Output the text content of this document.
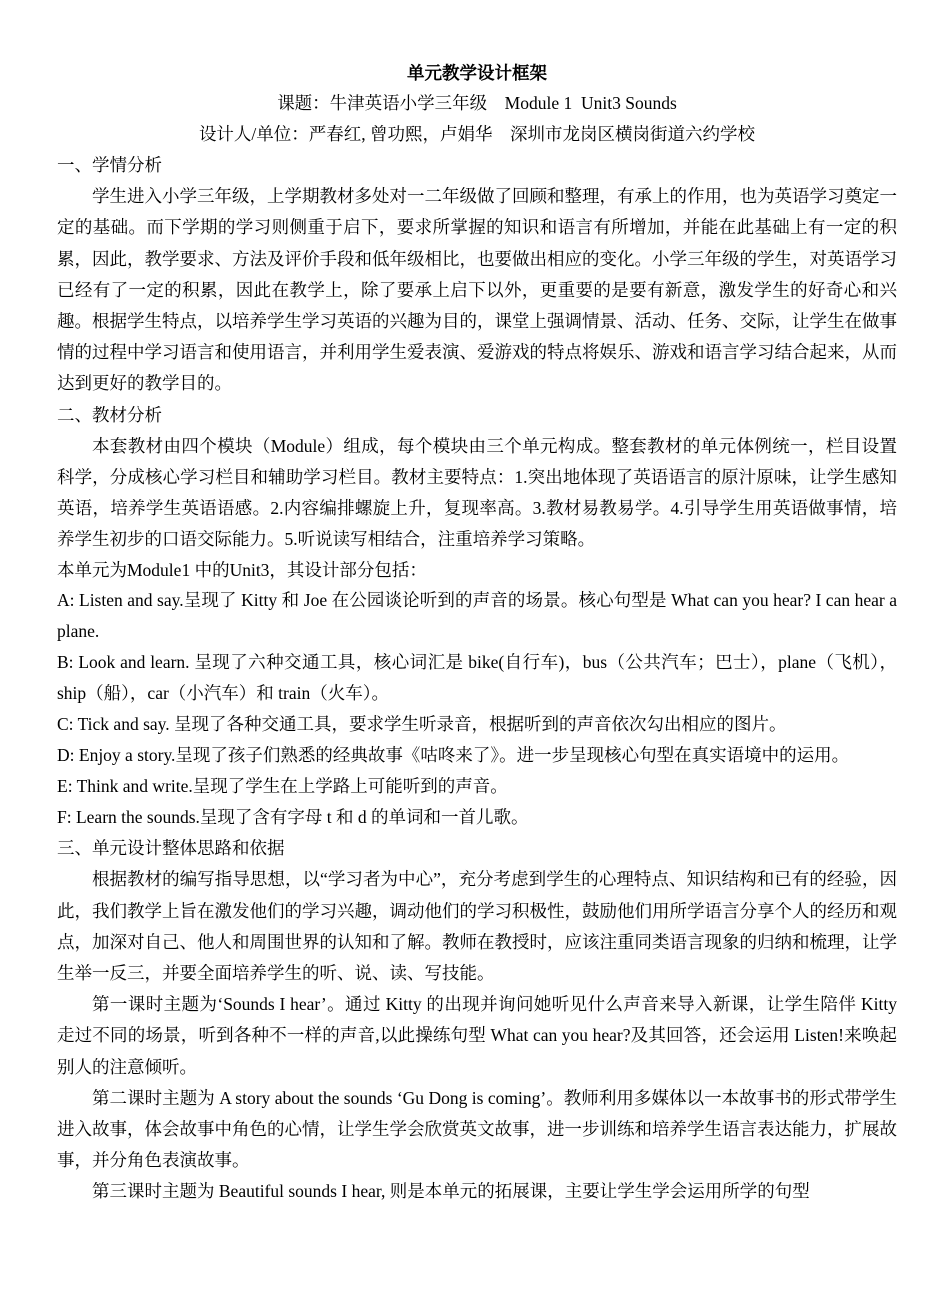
单元教学设计框架
课题：牛津英语小学三年级    Module 1  Unit3 Sounds
设计人/单位：严春红, 曾功熙，卢娟华    深圳市龙岗区横岗街道六约学校
一、学情分析

学生进入小学三年级，上学期教材多处对一二年级做了回顾和整理，有承上的作用，也为英语学习奠定一定的基础。而下学期的学习则侧重于启下，要求所掌握的知识和语言有所增加，并能在此基础上有一定的积累，因此，教学要求、方法及评价手段和低年级相比，也要做出相应的变化。小学三年级的学生，对英语学习已经有了一定的积累，因此在教学上，除了要承上启下以外，更重要的是要有新意，激发学生的好奇心和兴趣。根据学生特点，以培养学生学习英语的兴趣为目的，课堂上强调情景、活动、任务、交际，让学生在做事情的过程中学习语言和使用语言，并利用学生爱表演、爱游戏的特点将娱乐、游戏和语言学习结合起来，从而达到更好的教学目的。

二、教材分析

本套教材由四个模块（Module）组成，每个模块由三个单元构成。整套教材的单元体例统一，栏目设置科学，分成核心学习栏目和辅助学习栏目。教材主要特点：1.突出地体现了英语语言的原汁原味，让学生感知英语，培养学生英语语感。2.内容编排螺旋上升，复现率高。3.教材易教易学。4.引导学生用英语做事情，培养学生初步的口语交际能力。5.听说读写相结合，注重培养学习策略。

本单元为Module1 中的Unit3，其设计部分包括：

A: Listen and say.呈现了 Kitty 和 Joe 在公园谈论听到的声音的场景。核心句型是 What can you hear? I can hear a plane.

B: Look and learn. 呈现了六种交通工具，核心词汇是 bike(自行车)，bus（公共汽车；巴士），plane（飞机），ship（船），car（小汽车）和 train（火车）。

C: Tick and say. 呈现了各种交通工具，要求学生听录音，根据听到的声音依次勾出相应的图片。

D: Enjoy a story.呈现了孩子们熟悉的经典故事《咕咚来了》。进一步呈现核心句型在真实语境中的运用。

E: Think and write.呈现了学生在上学路上可能听到的声音。

F: Learn the sounds.呈现了含有字母 t 和 d 的单词和一首儿歌。

三、单元设计整体思路和依据

根据教材的编写指导思想，以“学习者为中心”，充分考虑到学生的心理特点、知识结构和已有的经验，因此，我们教学上旨在激发他们的学习兴趣，调动他们的学习积极性，鼓励他们用所学语言分享个人的经历和观点，加深对自己、他人和周围世界的认知和了解。教师在教授时，应该注重同类语言现象的归纳和梳理，让学生举一反三，并要全面培养学生的听、说、读、写技能。

第一课时主题为‘Sounds I hear’。通过 Kitty 的出现并询问她听见什么声音来导入新课，让学生陪伴 Kitty 走过不同的场景，听到各种不一样的声音,以此操练句型 What can you hear?及其回答，还会运用 Listen!来唤起别人的注意倾听。

第二课时主题为 A story about the sounds ‘Gu Dong is coming’。教师利用多媒体以一本故事书的形式带学生进入故事，体会故事中角色的心情，让学生学会欣赏英文故事，进一步训练和培养学生语言表达能力，扩展故事，并分角色表演故事。

第三课时主题为 Beautiful sounds I hear, 则是本单元的拓展课，主要让学生学会运用所学的句型
